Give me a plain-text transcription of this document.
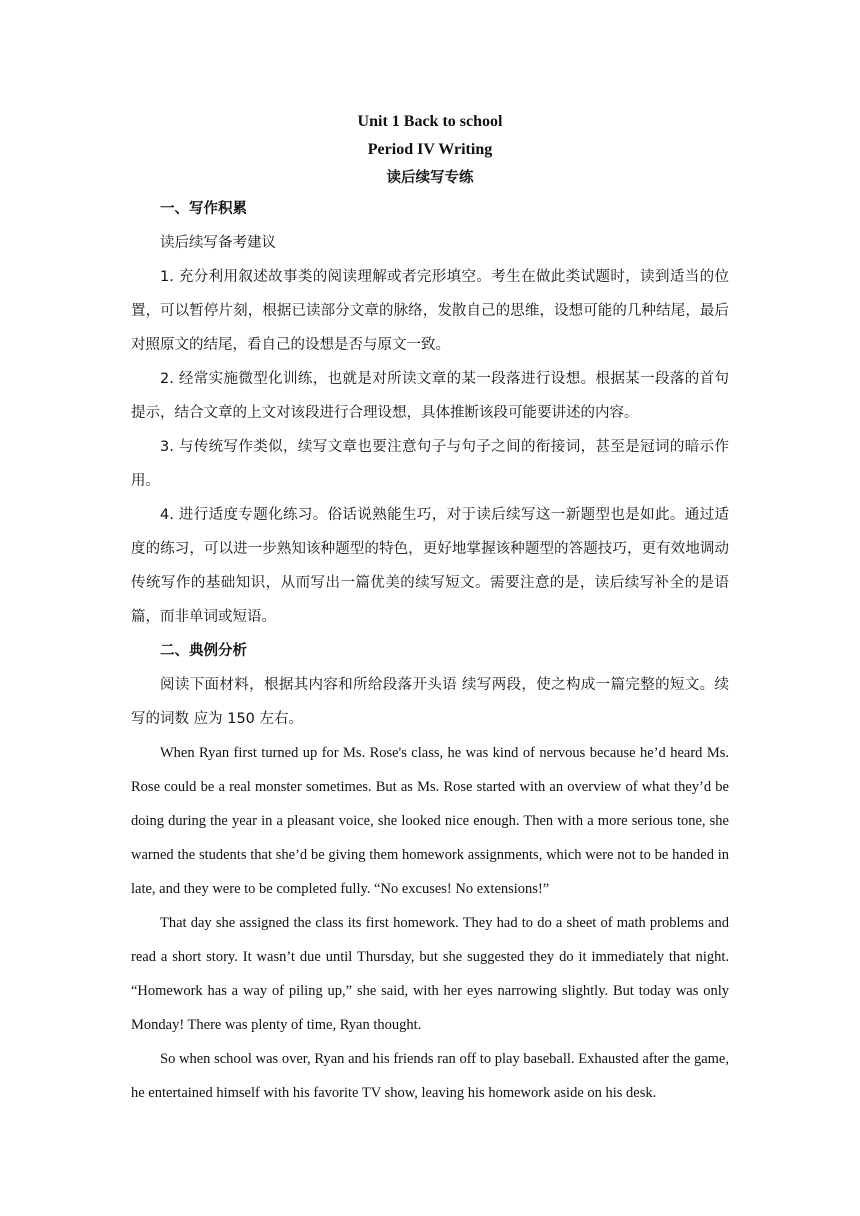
Unit 1 Back to school

Period IV Writing

读后续写专练

一、写作积累

读后续写备考建议

1. 充分利用叙述故事类的阅读理解或者完形填空。考生在做此类试题时，读到适当的位置，可以暂停片刻，根据已读部分文章的脉络，发散自己的思维，设想可能的几种结尾，最后对照原文的结尾，看自己的设想是否与原文一致。

2. 经常实施微型化训练，也就是对所读文章的某一段落进行设想。根据某一段落的首句提示，结合文章的上文对该段进行合理设想，具体推断该段可能要讲述的内容。

3. 与传统写作类似，续写文章也要注意句子与句子之间的衔接词，甚至是冠词的暗示作用。

4. 进行适度专题化练习。俗话说熟能生巧，对于读后续写这一新题型也是如此。通过适度的练习，可以进一步熟知该种题型的特色，更好地掌握该种题型的答题技巧，更有效地调动传统写作的基础知识，从而写出一篇优美的续写短文。需要注意的是，读后续写补全的是语篇，而非单词或短语。

二、典例分析

阅读下面材料，根据其内容和所给段落开头语 续写两段，使之构成一篇完整的短文。续写的词数 应为 150 左右。

When Ryan first turned up for Ms. Rose's class, he was kind of nervous because he’d heard Ms. Rose could be a real monster sometimes. But as Ms. Rose started with an overview of what they’d be doing during the year in a pleasant voice, she looked nice enough. Then with a more serious tone, she warned the students that she’d be giving them homework assignments, which were not to be handed in late, and they were to be completed fully. “No excuses! No extensions!”

That day she assigned the class its first homework. They had to do a sheet of math problems and read a short story. It wasn’t due until Thursday, but she suggested they do it immediately that night. “Homework has a way of piling up,” she said, with her eyes narrowing slightly. But today was only Monday! There was plenty of time, Ryan thought.

So when school was over, Ryan and his friends ran off to play baseball. Exhausted after the game, he entertained himself with his favorite TV show, leaving his homework aside on his desk.
